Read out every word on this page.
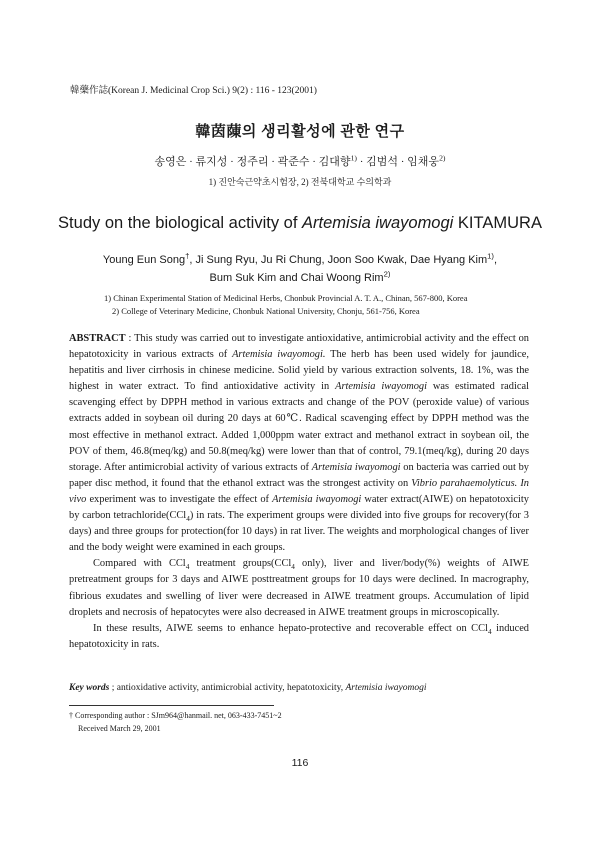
韓藥作誌(Korean J. Medicinal Crop Sci.) 9(2) : 116 - 123(2001)
韓茵蔯의 생리활성에 관한 연구
송영은 · 류지성 · 정주리 · 곽준수 · 김대향$^{1)}$ · 김범석 · 임채웅$^{2)}$
1) 진안숙근약초시험장, 2) 전북대학교 수의학과
Study on the biological activity of Artemisia iwayomogi KITAMURA
Young Eun Song†, Ji Sung Ryu, Ju Ri Chung, Joon Soo Kwak, Dae Hyang Kim$^{1)}$,
Bum Suk Kim and Chai Woong Rim$^{2)}$
1) Chinan Experimental Station of Medicinal Herbs, Chonbuk Provincial A. T. A., Chinan, 567-800, Korea
2) College of Veterinary Medicine, Chonbuk National University, Chonju, 561-756, Korea

ABSTRACT : This study was carried out to investigate antioxidative, antimicrobial activity and the effect on hepatotoxicity in various extracts of Artemisia iwayomogi. The herb has been used widely for jaundice, hepatitis and liver cirrhosis in chinese medicine. Solid yield by various extraction solvents, 18. 1%, was the highest in water extract. To find antioxidative activity in Artemisia iwayomogi was estimated radical scavenging effect by DPPH method in various extracts and change of the POV (peroxide value) of various extracts added in soybean oil during 20 days at 60℃. Radical scavenging effect by DPPH method was the most effective in methanol extract. Added 1,000ppm water extract and methanol extract in soybean oil, the POV of them, 46.8(meq/kg) and 50.8(meq/kg) were lower than that of control, 79.1(meq/kg), during 20 days storage. After antimicrobial activity of various extracts of Artemisia iwayomogi on bacteria was carried out by paper disc method, it found that the ethanol extract was the strongest activity on Vibrio parahaemolyticus. In vivo experiment was to investigate the effect of Artemisia iwayomogi water extract(AIWE) on hepatotoxicity by carbon tetrachloride(CCl$_4$) in rats. The experiment groups were divided into five groups for recovery(for 3 days) and three groups for protection(for 10 days) in rat liver. The weights and morphological changes of liver and the body weight were examined in each groups.

Compared with CCl$_4$ treatment groups(CCl$_4$ only), liver and liver/body(%) weights of AIWE pretreatment groups for 3 days and AIWE posttreatment groups for 10 days were declined. In macrography, fibrious exudates and swelling of liver were decreased in AIWE treatment groups. Accumulation of lipid droplets and necrosis of hepatocytes were also decreased in AIWE treatment groups in microscopically.

In these results, AIWE seems to enhance hepato-protective and recoverable effect on CCl$_4$ induced hepatotoxicity in rats.

Key words ; antioxidative activity, antimicrobial activity, hepatotoxicity, Artemisia iwayomogi
† Corresponding author : SJm964@hanmail. net, 063-433-7451~2
Received March 29, 2001
116
